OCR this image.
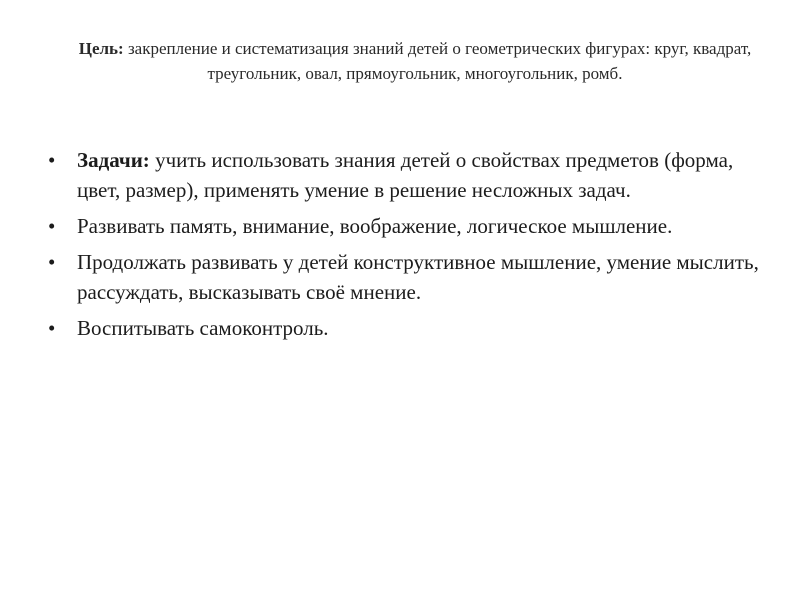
Цель: закрепление и систематизация знаний детей о геометрических фигурах: круг, квадрат, треугольник, овал, прямоугольник, многоугольник, ромб.
• Задачи: учить использовать знания детей о свойствах предметов (форма, цвет, размер), применять умение в решение несложных задач.
• Развивать память, внимание, воображение, логическое мышление.
• Продолжать развивать у детей конструктивное мышление, умение мыслить, рассуждать, высказывать своё мнение.
• Воспитывать самоконтроль.
